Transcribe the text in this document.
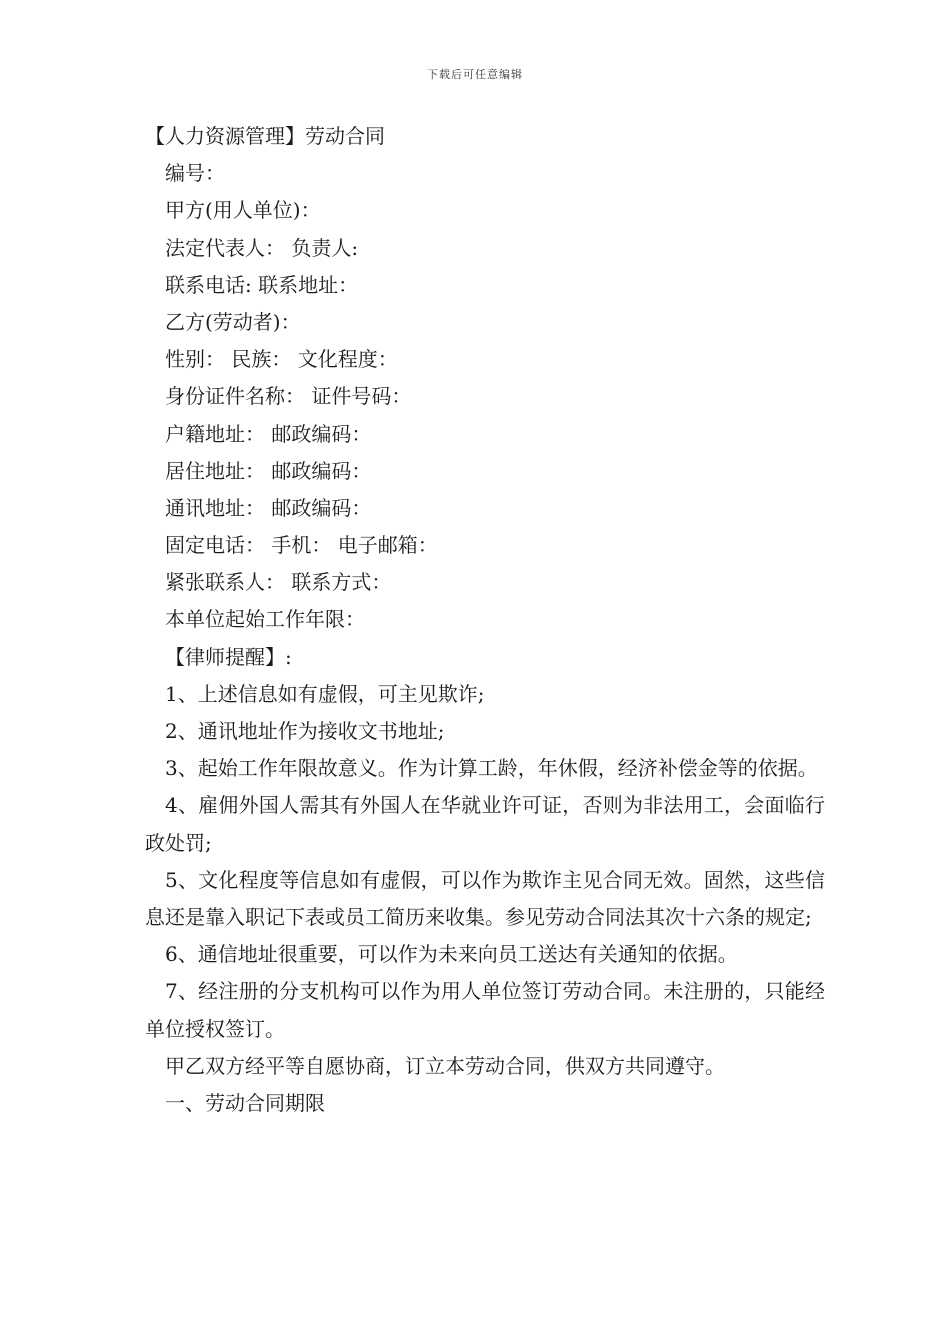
下载后可任意编辑

【人力资源管理】劳动合同

编号：

甲方(用人单位)：

法定代表人： 负责人:

联系电话: 联系地址：

乙方(劳动者)：

性别： 民族： 文化程度：

身份证件名称： 证件号码：

户籍地址： 邮政编码：

居住地址： 邮政编码：

通讯地址： 邮政编码：

固定电话： 手机： 电子邮箱：

紧张联系人： 联系方式：

本单位起始工作年限：

【律师提醒】:

1、上述信息如有虚假，可主见欺诈;

2、通讯地址作为接收文书地址;

3、起始工作年限故意义。作为计算工龄，年休假，经济补偿金等的依据。

4、雇佣外国人需其有外国人在华就业许可证，否则为非法用工，会面临行政处罚;

5、文化程度等信息如有虚假，可以作为欺诈主见合同无效。固然，这些信息还是靠入职记下表或员工简历来收集。参见劳动合同法其次十六条的规定;

6、通信地址很重要，可以作为未来向员工送达有关通知的依据。

7、经注册的分支机构可以作为用人单位签订劳动合同。未注册的，只能经单位授权签订。

甲乙双方经平等自愿协商，订立本劳动合同，供双方共同遵守。

一、劳动合同期限
